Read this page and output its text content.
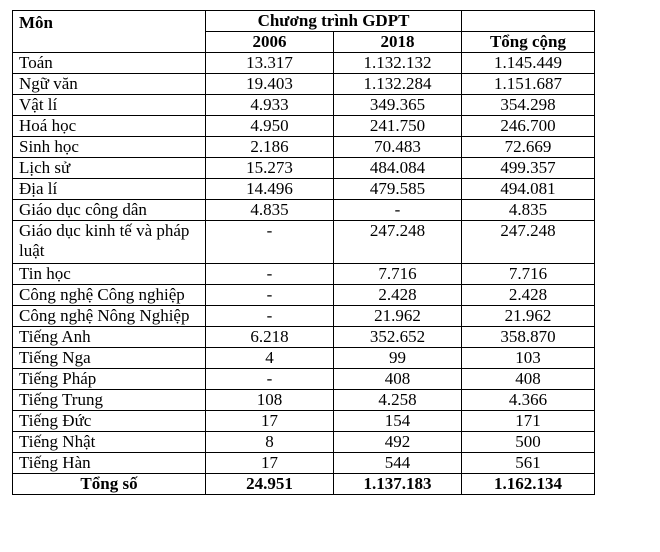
Môn	Chương trình GDPT		
	2006	2018	Tổng cộng
Toán	13.317	1.132.132	1.145.449
Ngữ văn	19.403	1.132.284	1.151.687
Vật lí	4.933	349.365	354.298
Hoá học	4.950	241.750	246.700
Sinh học	2.186	70.483	72.669
Lịch sử	15.273	484.084	499.357
Địa lí	14.496	479.585	494.081
Giáo dục công dân	4.835	-	4.835
Giáo dục kinh tế và pháp luật	-	247.248	247.248
Tin học	-	7.716	7.716
Công nghệ Công nghiệp	-	2.428	2.428
Công nghệ Nông Nghiệp	-	21.962	21.962
Tiếng Anh	6.218	352.652	358.870
Tiếng Nga	4	99	103
Tiếng Pháp	-	408	408
Tiếng Trung	108	4.258	4.366
Tiếng Đức	17	154	171
Tiếng Nhật	8	492	500
Tiếng Hàn	17	544	561
Tổng số	24.951	1.137.183	1.162.134
